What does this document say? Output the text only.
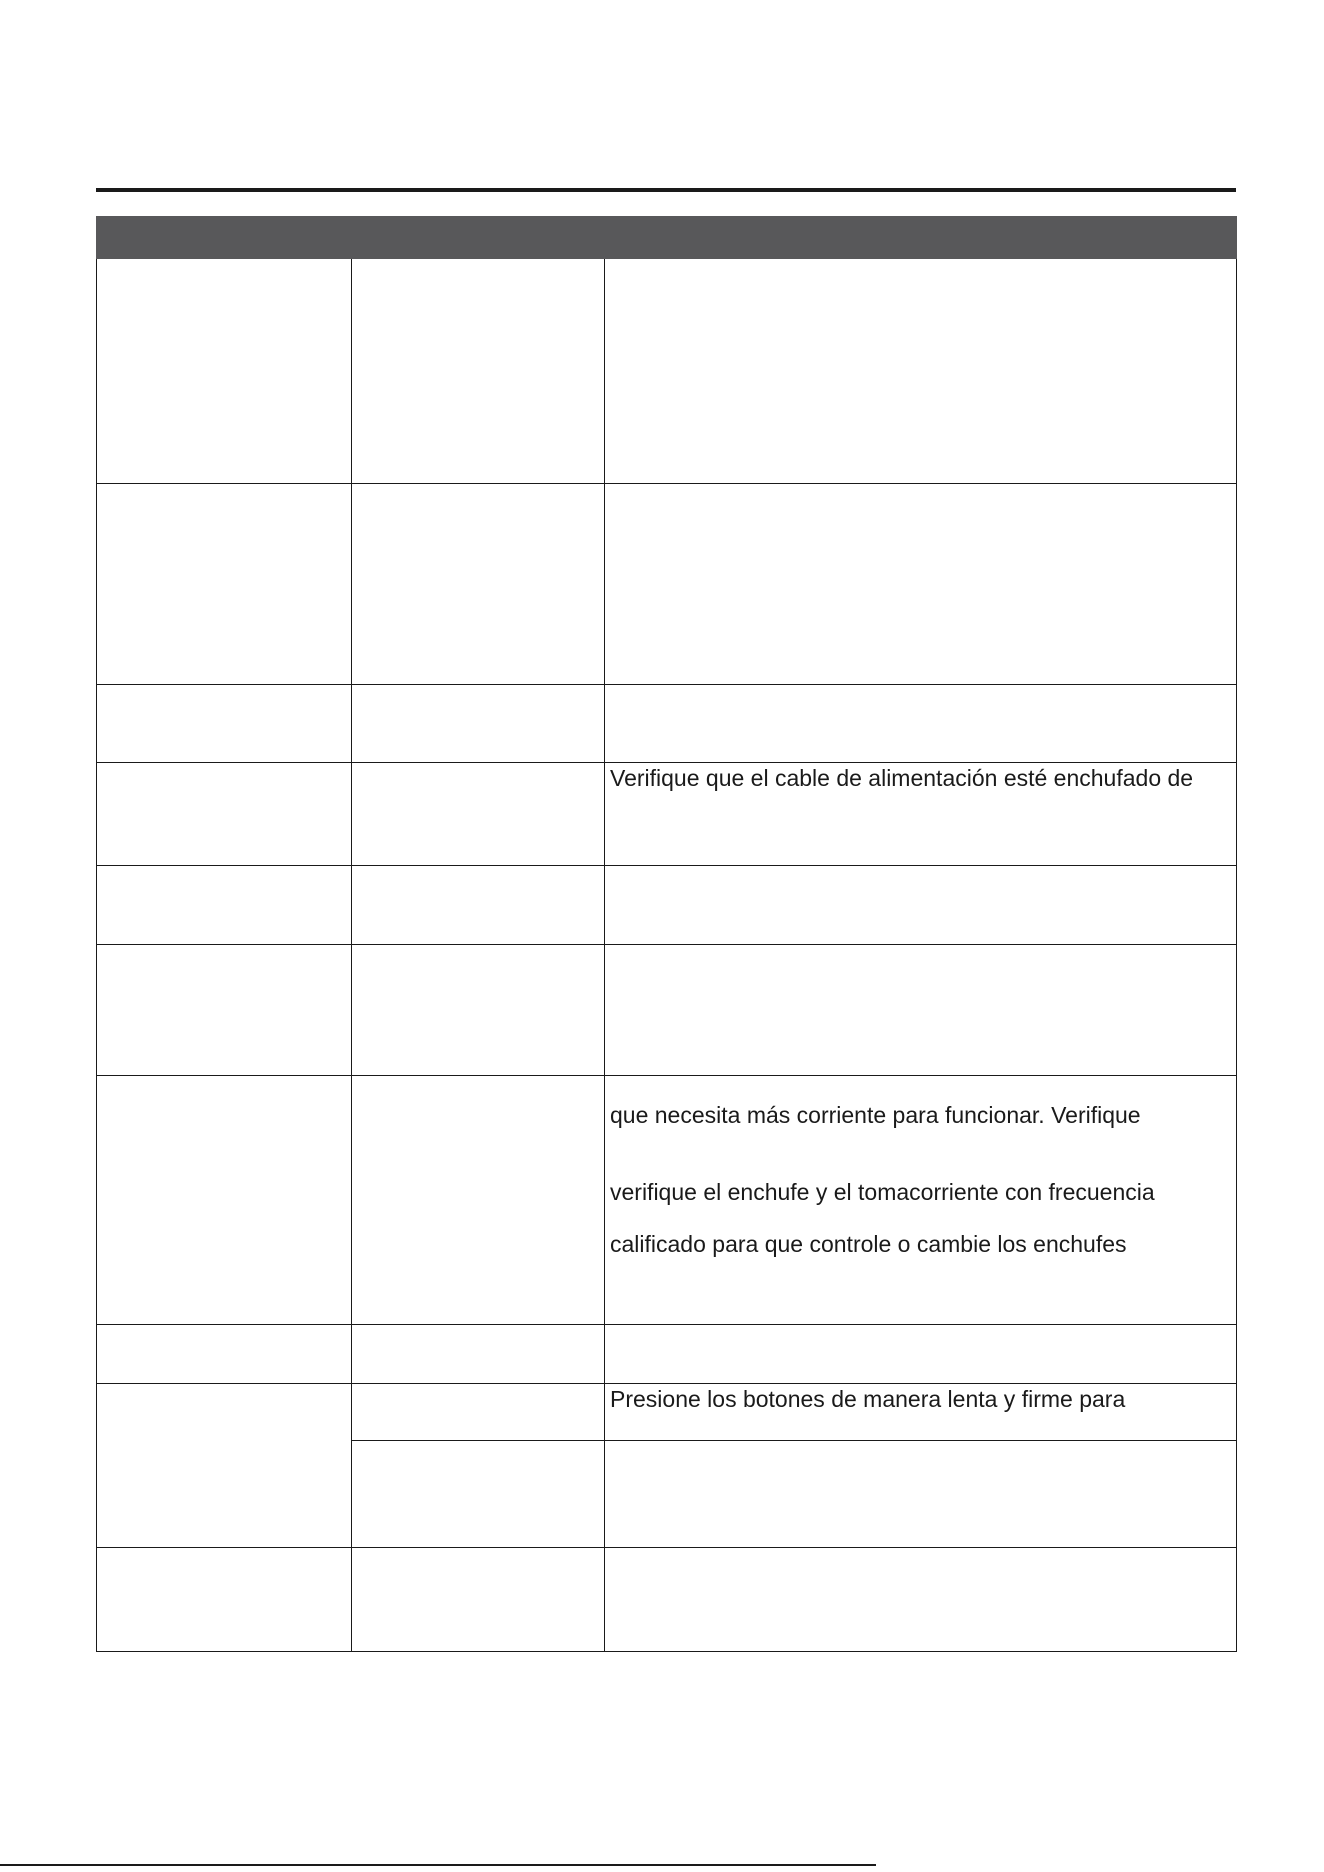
		Verifique que el cable de alimentación esté enchufado de

		que necesita más corriente para funcionar. Verifique
verifique el enchufe y el tomacorriente con frecuencia
calificado para que controle o cambie los enchufes

		Presione los botones de manera lenta y firme para
